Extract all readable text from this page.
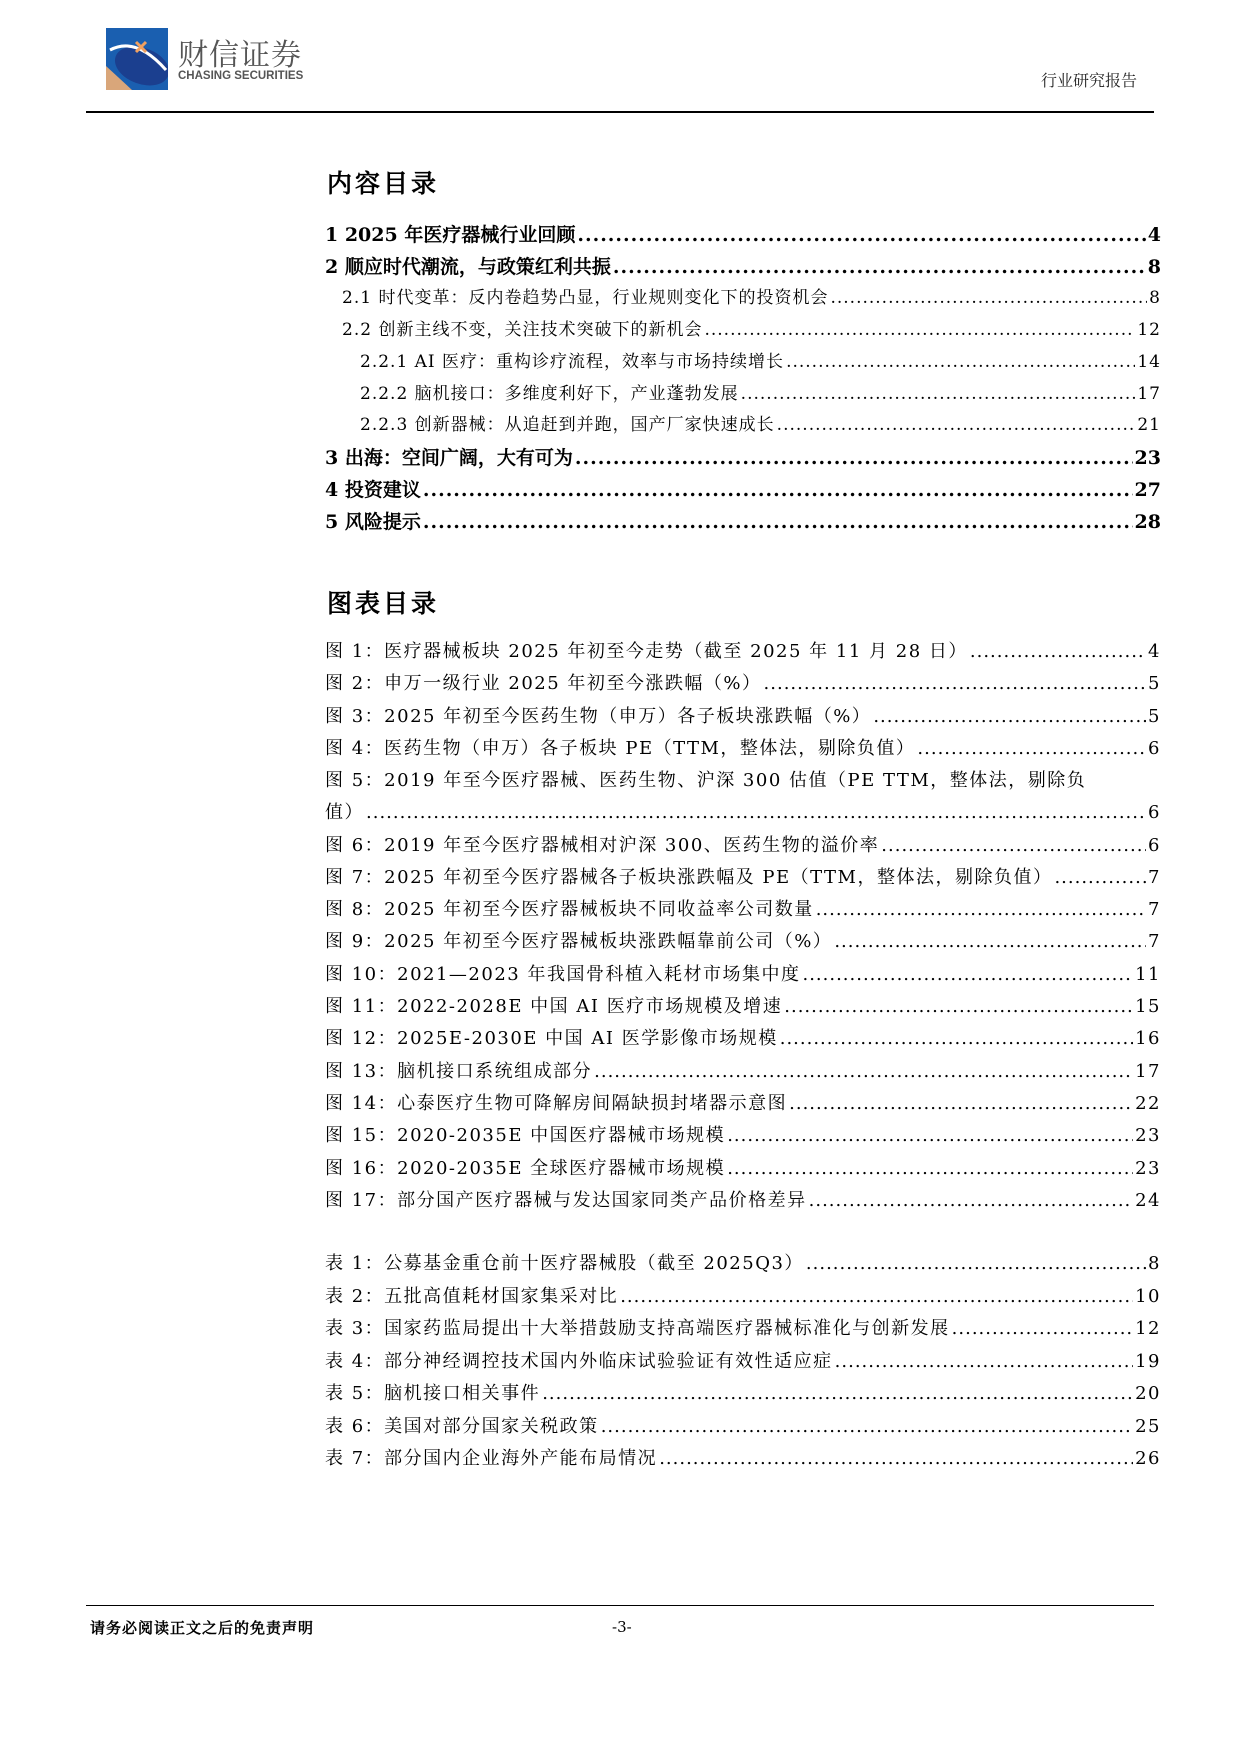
财信证券
CHASING SECURITIES	行业研究报告
内容目录
1 2025 年医疗器械行业回顾 .....	4
2 顺应时代潮流，与政策红利共振 .....	8
2.1 时代变革：反内卷趋势凸显，行业规则变化下的投资机会 .....	8
2.2 创新主线不变，关注技术突破下的新机会 .....	12
2.2.1 AI 医疗：重构诊疗流程，效率与市场持续增长 .....	14
2.2.2 脑机接口：多维度利好下，产业蓬勃发展 .....	17
2.2.3 创新器械：从追赶到并跑，国产厂家快速成长 .....	21
3 出海：空间广阔，大有可为 .....	23
4 投资建议 .....	27
5 风险提示 .....	28
图表目录
图 1：医疗器械板块 2025 年初至今走势（截至 2025 年 11 月 28 日） .....	4
图 2：申万一级行业 2025 年初至今涨跌幅（%） .....	5
图 3：2025 年初至今医药生物（申万）各子板块涨跌幅（%） .....	5
图 4：医药生物（申万）各子板块 PE（TTM，整体法，剔除负值） .....	6
图 5：2019 年至今医疗器械、医药生物、沪深 300 估值（PE TTM，整体法，剔除负
值） .....	6
图 6：2019 年至今医疗器械相对沪深 300、医药生物的溢价率 .....	6
图 7：2025 年初至今医疗器械各子板块涨跌幅及 PE（TTM，整体法，剔除负值） .....	7
图 8：2025 年初至今医疗器械板块不同收益率公司数量 .....	7
图 9：2025 年初至今医疗器械板块涨跌幅靠前公司（%） .....	7
图 10：2021—2023 年我国骨科植入耗材市场集中度 .....	11
图 11：2022-2028E 中国 AI 医疗市场规模及增速 .....	15
图 12：2025E-2030E 中国 AI 医学影像市场规模 .....	16
图 13：脑机接口系统组成部分 .....	17
图 14：心泰医疗生物可降解房间隔缺损封堵器示意图 .....	22
图 15：2020-2035E 中国医疗器械市场规模 .....	23
图 16：2020-2035E 全球医疗器械市场规模 .....	23
图 17：部分国产医疗器械与发达国家同类产品价格差异 .....	24
表 1：公募基金重仓前十医疗器械股（截至 2025Q3） .....	8
表 2：五批高值耗材国家集采对比 .....	10
表 3：国家药监局提出十大举措鼓励支持高端医疗器械标准化与创新发展 .....	12
表 4：部分神经调控技术国内外临床试验验证有效性适应症 .....	19
表 5：脑机接口相关事件 .....	20
表 6：美国对部分国家关税政策 .....	25
表 7：部分国内企业海外产能布局情况 .....	26
请务必阅读正文之后的免责声明	-3-
